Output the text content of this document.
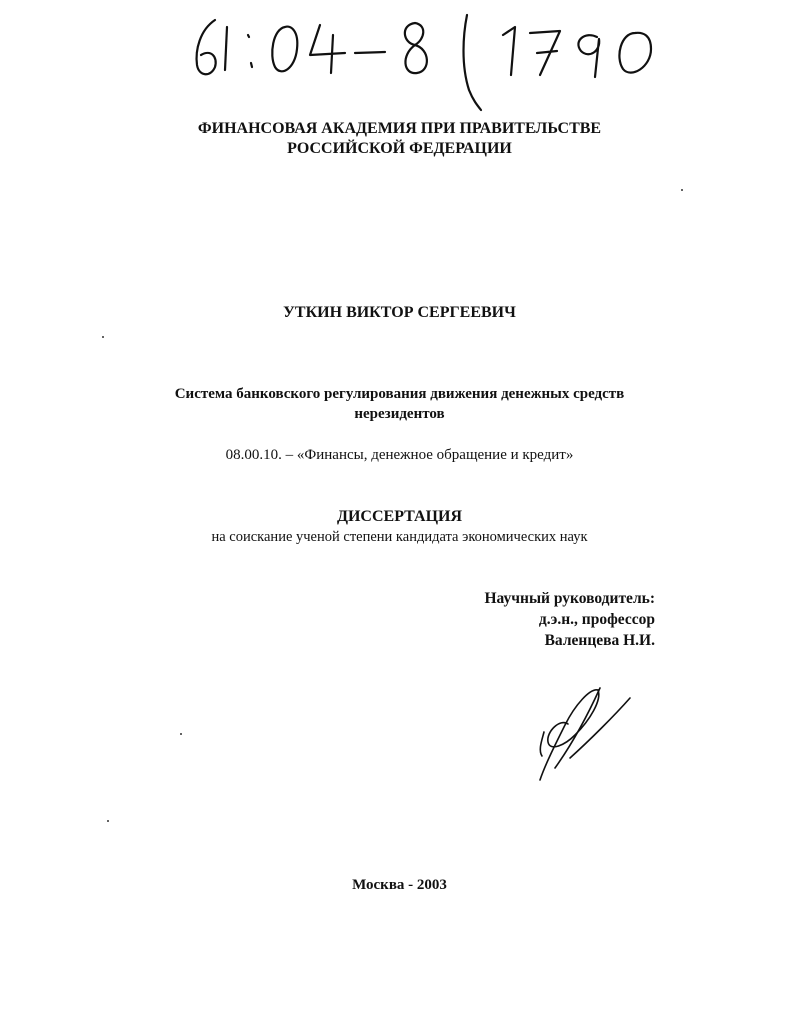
ФИНАНСОВАЯ АКАДЕМИЯ ПРИ ПРАВИТЕЛЬСТВЕ
РОССИЙСКОЙ ФЕДЕРАЦИИ
УТКИН ВИКТОР СЕРГЕЕВИЧ
Система банковского регулирования движения денежных средств
нерезидентов
08.00.10. – «Финансы, денежное обращение и кредит»
ДИССЕРТАЦИЯ
на соискание ученой степени кандидата экономических наук
Научный руководитель:
д.э.н., профессор
Валенцева Н.И.
Москва - 2003
